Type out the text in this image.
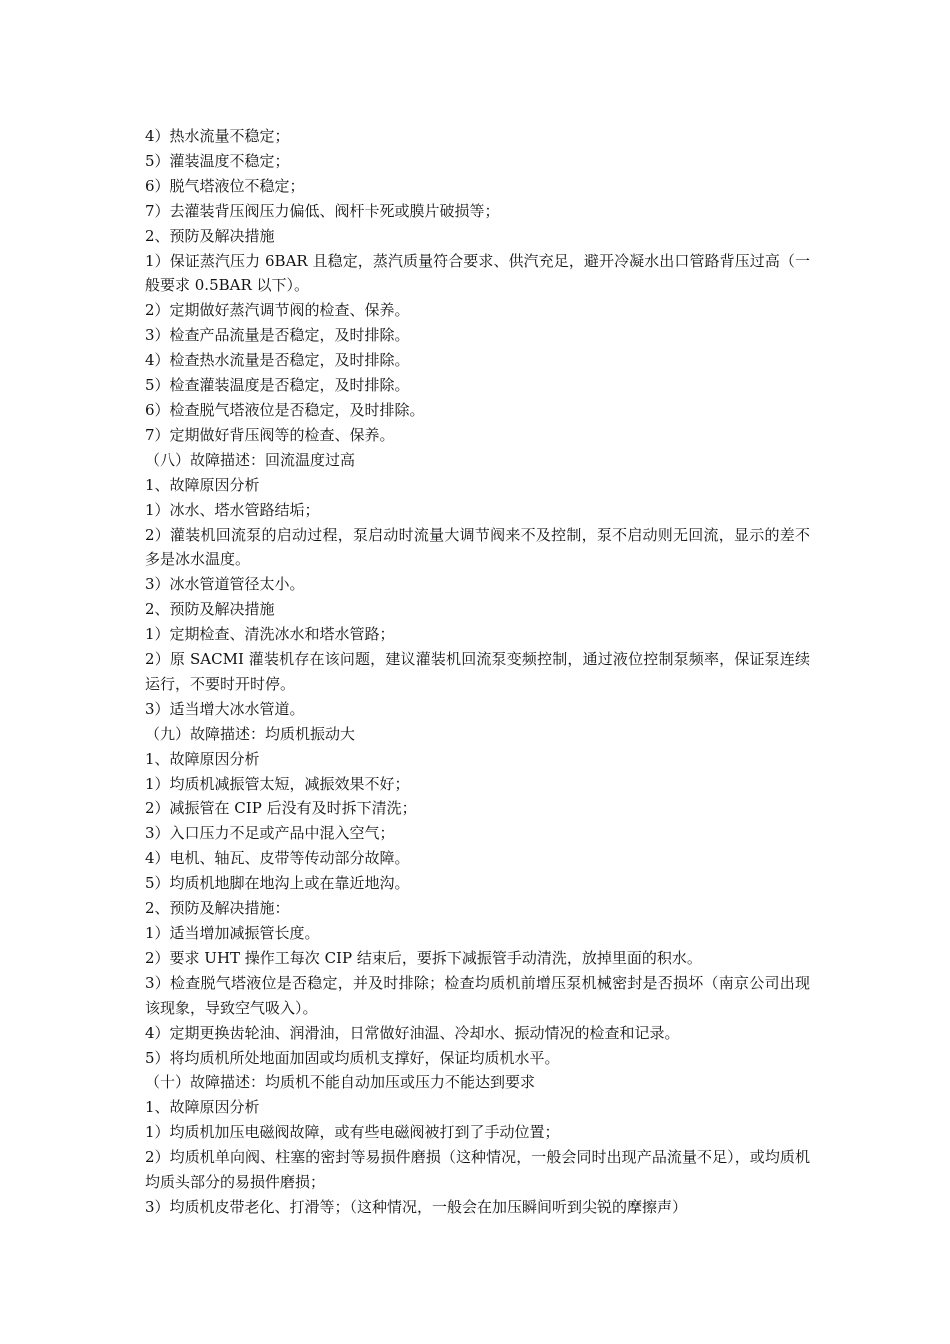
4）热水流量不稳定；
5）灌装温度不稳定；
6）脱气塔液位不稳定；
7）去灌装背压阀压力偏低、阀杆卡死或膜片破损等；
2、预防及解决措施
1）保证蒸汽压力 6BAR 且稳定，蒸汽质量符合要求、供汽充足，避开冷凝水出口管路背压过高（一般要求 0.5BAR 以下）。
2）定期做好蒸汽调节阀的检查、保养。
3）检查产品流量是否稳定，及时排除。
4）检查热水流量是否稳定，及时排除。
5）检查灌装温度是否稳定，及时排除。
6）检查脱气塔液位是否稳定，及时排除。
7）定期做好背压阀等的检查、保养。
（八）故障描述：回流温度过高
1、故障原因分析
1）冰水、塔水管路结垢；
2）灌装机回流泵的启动过程，泵启动时流量大调节阀来不及控制，泵不启动则无回流，显示的差不多是冰水温度。
3）冰水管道管径太小。
2、预防及解决措施
1）定期检查、清洗冰水和塔水管路；
2）原 SACMI 灌装机存在该问题，建议灌装机回流泵变频控制，通过液位控制泵频率，保证泵连续运行，不要时开时停。
3）适当增大冰水管道。
（九）故障描述：均质机振动大
1、故障原因分析
1）均质机减振管太短，减振效果不好；
2）减振管在 CIP 后没有及时拆下清洗；
3）入口压力不足或产品中混入空气；
4）电机、轴瓦、皮带等传动部分故障。
5）均质机地脚在地沟上或在靠近地沟。
2、预防及解决措施：
1）适当增加减振管长度。
2）要求 UHT 操作工每次 CIP 结束后，要拆下减振管手动清洗，放掉里面的积水。
3）检查脱气塔液位是否稳定，并及时排除；检查均质机前增压泵机械密封是否损坏（南京公司出现该现象，导致空气吸入）。
4）定期更换齿轮油、润滑油，日常做好油温、冷却水、振动情况的检查和记录。
5）将均质机所处地面加固或均质机支撑好，保证均质机水平。
（十）故障描述：均质机不能自动加压或压力不能达到要求
1、故障原因分析
1）均质机加压电磁阀故障，或有些电磁阀被打到了手动位置；
2）均质机单向阀、柱塞的密封等易损件磨损（这种情况，一般会同时出现产品流量不足），或均质机均质头部分的易损件磨损；
3）均质机皮带老化、打滑等；（这种情况，一般会在加压瞬间听到尖锐的摩擦声）
